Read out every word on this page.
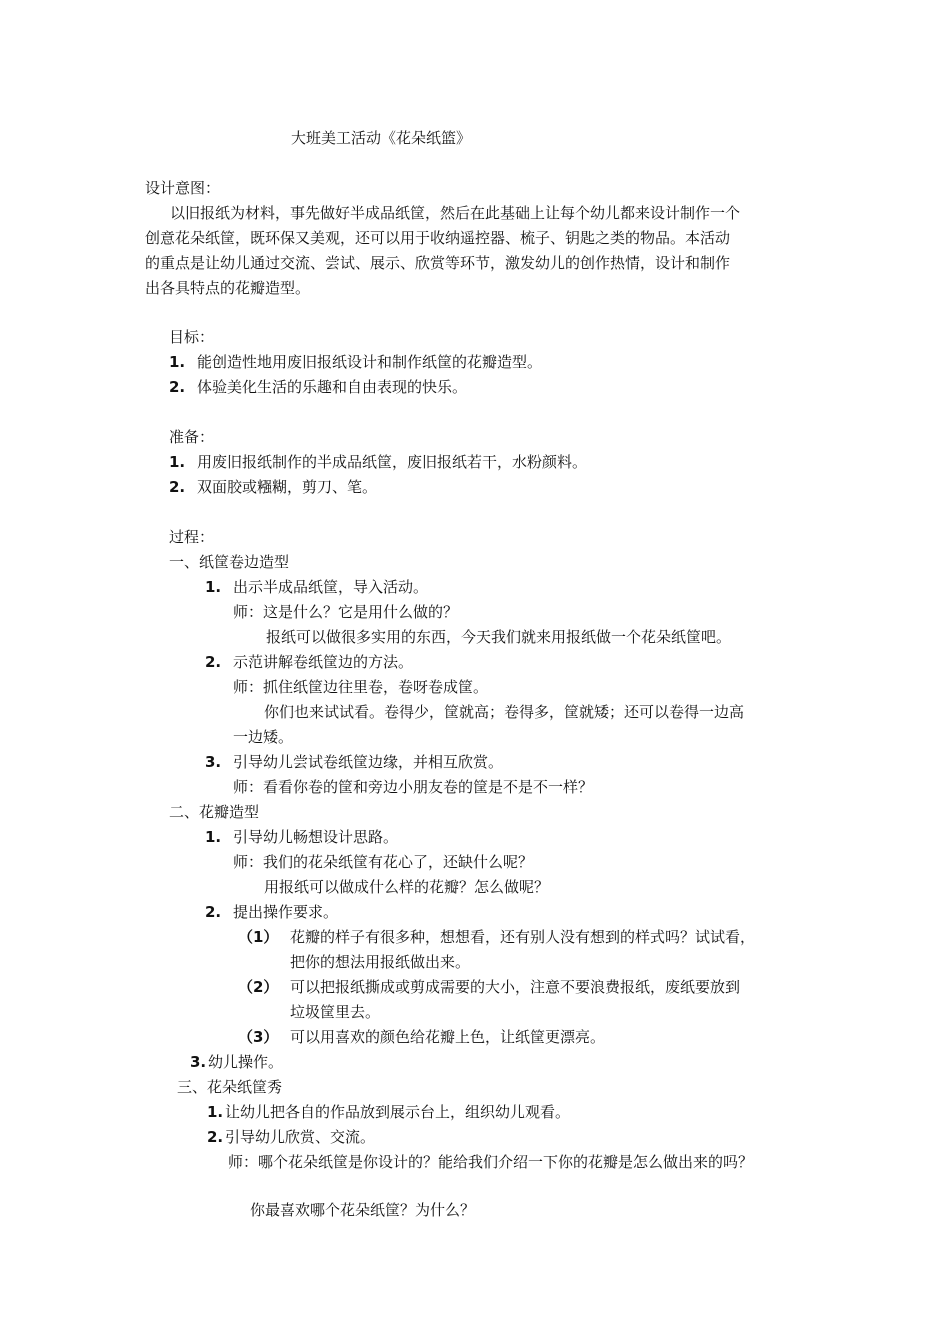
大班美工活动《花朵纸篮》
设计意图：
以旧报纸为材料，事先做好半成品纸筐，然后在此基础上让每个幼儿都来设计制作一个
创意花朵纸筐，既环保又美观，还可以用于收纳遥控器、梳子、钥匙之类的物品。本活动
的重点是让幼儿通过交流、尝试、展示、欣赏等环节，激发幼儿的创作热情，设计和制作
出各具特点的花瓣造型。
目标：
1. 能创造性地用废旧报纸设计和制作纸筐的花瓣造型。
2. 体验美化生活的乐趣和自由表现的快乐。
准备：
1. 用废旧报纸制作的半成品纸筐，废旧报纸若干，水粉颜料。
2. 双面胶或糨糊，剪刀、笔。
过程：
一、纸筐卷边造型
1. 出示半成品纸筐，导入活动。
师：这是什么？它是用什么做的？
报纸可以做很多实用的东西，今天我们就来用报纸做一个花朵纸筐吧。
2. 示范讲解卷纸筐边的方法。
师：抓住纸筐边往里卷，卷呀卷成筐。
你们也来试试看。卷得少，筐就高；卷得多，筐就矮；还可以卷得一边高
一边矮。
3. 引导幼儿尝试卷纸筐边缘，并相互欣赏。
师：看看你卷的筐和旁边小朋友卷的筐是不是不一样？
二、花瓣造型
1. 引导幼儿畅想设计思路。
师：我们的花朵纸筐有花心了，还缺什么呢？
用报纸可以做成什么样的花瓣？怎么做呢？
2. 提出操作要求。
（1） 花瓣的样子有很多种，想想看，还有别人没有想到的样式吗？试试看，
把你的想法用报纸做出来。
（2） 可以把报纸撕成或剪成需要的大小，注意不要浪费报纸，废纸要放到
垃圾筐里去。
（3） 可以用喜欢的颜色给花瓣上色，让纸筐更漂亮。
3. 幼儿操作。
三、花朵纸筐秀
1. 让幼儿把各自的作品放到展示台上，组织幼儿观看。
2. 引导幼儿欣赏、交流。
师：哪个花朵纸筐是你设计的？能给我们介绍一下你的花瓣是怎么做出来的吗？
你最喜欢哪个花朵纸筐？为什么？
